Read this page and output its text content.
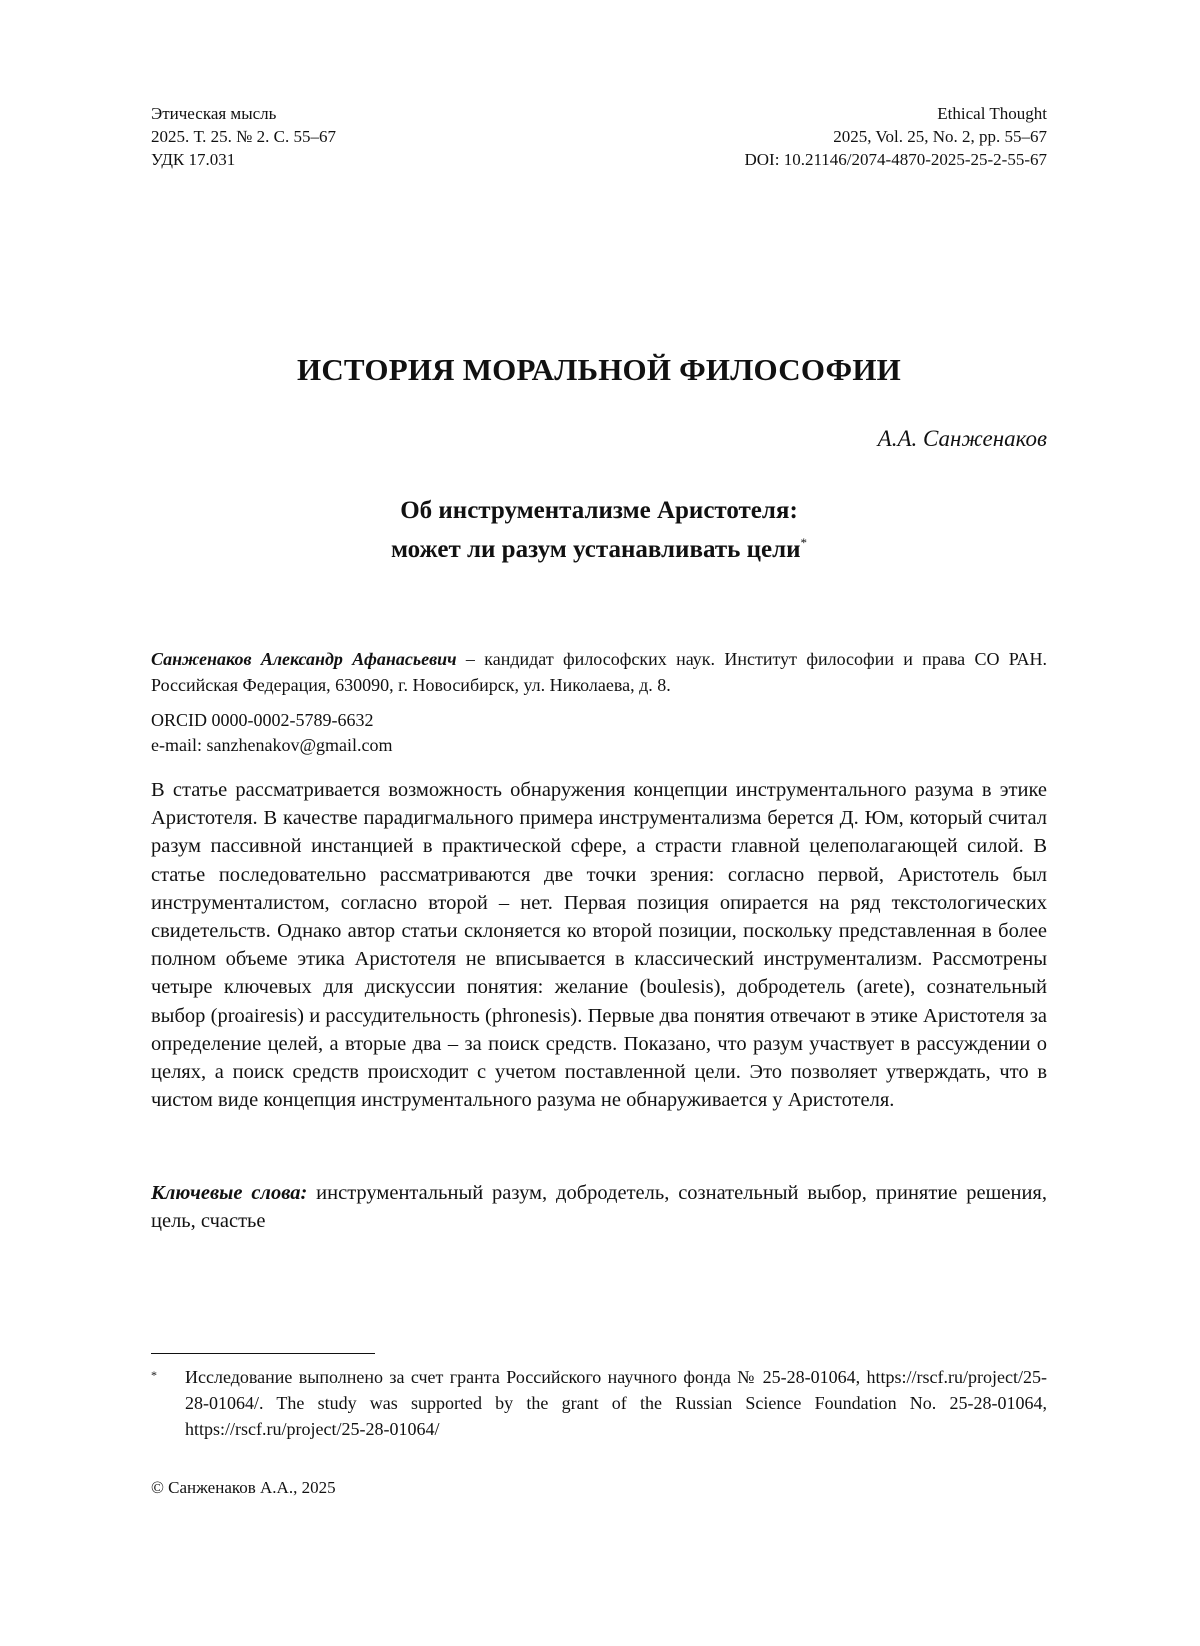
Этическая мысль
2025. Т. 25. № 2. С. 55–67
УДК 17.031
Ethical Thought
2025, Vol. 25, No. 2, pp. 55–67
DOI: 10.21146/2074-4870-2025-25-2-55-67
ИСТОРИЯ МОРАЛЬНОЙ ФИЛОСОФИИ
А.А. Санженаков
Об инструментализме Аристотеля:
может ли разум устанавливать цели*
Санженаков Александр Афанасьевич – кандидат философских наук. Институт философии и права СО РАН. Российская Федерация, 630090, г. Новосибирск, ул. Николаева, д. 8.
ORCID 0000-0002-5789-6632
e-mail: sanzhenakov@gmail.com
В статье рассматривается возможность обнаружения концепции инструментального разума в этике Аристотеля. В качестве парадигмального примера инструментализма берется Д. Юм, который считал разум пассивной инстанцией в практической сфере, а страсти главной целеполагающей силой. В статье последовательно рассматриваются две точки зрения: согласно первой, Аристотель был инструменталистом, согласно второй – нет. Первая позиция опирается на ряд текстологических свидетельств. Однако автор статьи склоняется ко второй позиции, поскольку представленная в более полном объеме этика Аристотеля не вписывается в классический инструментализм. Рассмотрены четыре ключевых для дискуссии понятия: желание (boulesis), добродетель (arete), сознательный выбор (proairesis) и рассудительность (phronesis). Первые два понятия отвечают в этике Аристотеля за определение целей, а вторые два – за поиск средств. Показано, что разум участвует в рассуждении о целях, а поиск средств происходит с учетом поставленной цели. Это позволяет утверждать, что в чистом виде концепция инструментального разума не обнаруживается у Аристотеля.
Ключевые слова: инструментальный разум, добродетель, сознательный выбор, принятие решения, цель, счастье
* Исследование выполнено за счет гранта Российского научного фонда № 25-28-01064, https://rscf.ru/project/25-28-01064/. The study was supported by the grant of the Russian Science Foundation No. 25-28-01064, https://rscf.ru/project/25-28-01064/
© Санженаков А.А., 2025
